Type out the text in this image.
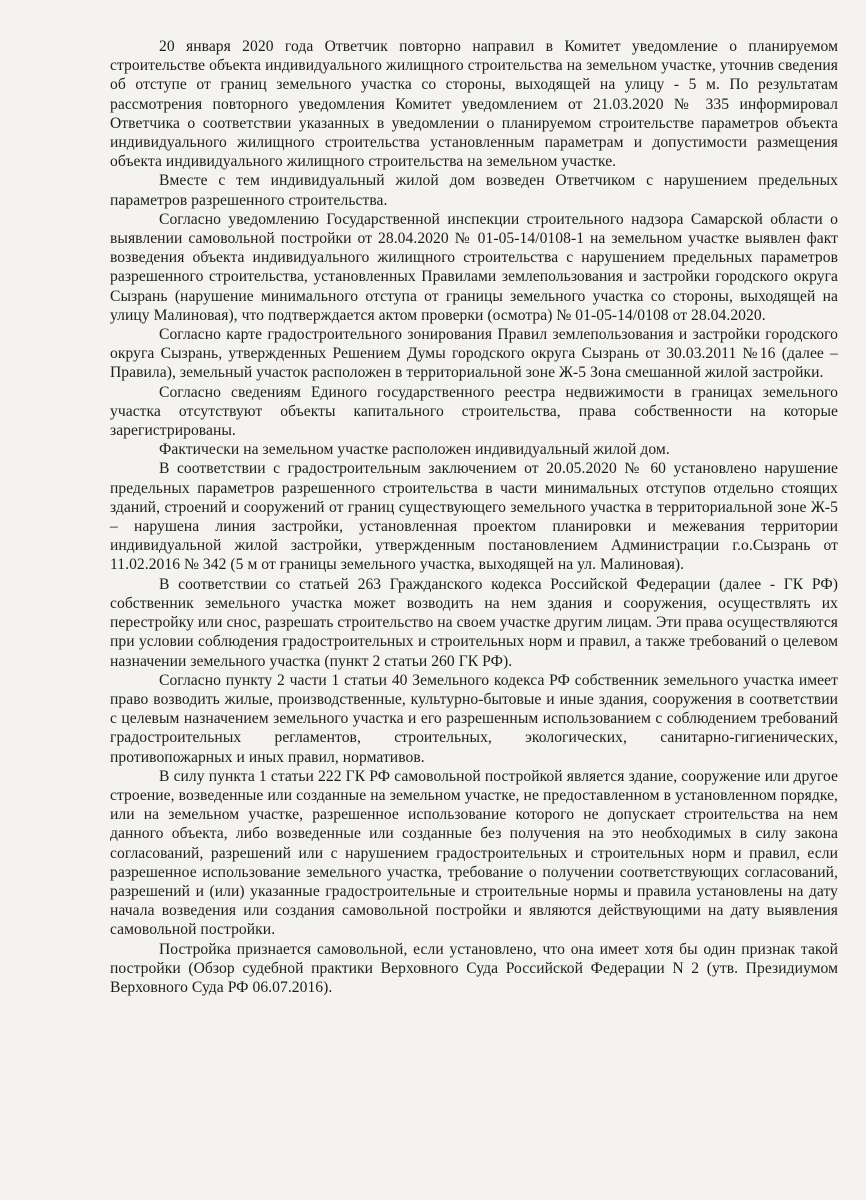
20 января 2020 года Ответчик повторно направил в Комитет уведомление о планируемом строительстве объекта индивидуального жилищного строительства на земельном участке, уточнив сведения об отступе от границ земельного участка со стороны, выходящей на улицу - 5 м. По результатам рассмотрения повторного уведомления Комитет уведомлением от 21.03.2020 № 335 информировал Ответчика о соответствии указанных в уведомлении о планируемом строительстве параметров объекта индивидуального жилищного строительства установленным параметрам и допустимости размещения объекта индивидуального жилищного строительства на земельном участке.

Вместе с тем индивидуальный жилой дом возведен Ответчиком с нарушением предельных параметров разрешенного строительства.

Согласно уведомлению Государственной инспекции строительного надзора Самарской области о выявлении самовольной постройки от 28.04.2020 № 01-05-14/0108-1 на земельном участке выявлен факт возведения объекта индивидуального жилищного строительства с нарушением предельных параметров разрешенного строительства, установленных Правилами землепользования и застройки городского округа Сызрань (нарушение минимального отступа от границы земельного участка со стороны, выходящей на улицу Малиновая), что подтверждается актом проверки (осмотра) № 01-05-14/0108 от 28.04.2020.

Согласно карте градостроительного зонирования Правил землепользования и застройки городского округа Сызрань, утвержденных Решением Думы городского округа Сызрань от 30.03.2011 №16 (далее – Правила), земельный участок расположен в территориальной зоне Ж-5 Зона смешанной жилой застройки.

Согласно сведениям Единого государственного реестра недвижимости в границах земельного участка отсутствуют объекты капитального строительства, права собственности на которые зарегистрированы.

Фактически на земельном участке расположен индивидуальный жилой дом.

В соответствии с градостроительным заключением от 20.05.2020 № 60 установлено нарушение предельных параметров разрешенного строительства в части минимальных отступов отдельно стоящих зданий, строений и сооружений от границ существующего земельного участка в территориальной зоне Ж-5 – нарушена линия застройки, установленная проектом планировки и межевания территории индивидуальной жилой застройки, утвержденным постановлением Администрации г.о.Сызрань от 11.02.2016 № 342 (5 м от границы земельного участка, выходящей на ул. Малиновая).

В соответствии со статьей 263 Гражданского кодекса Российской Федерации (далее - ГК РФ) собственник земельного участка может возводить на нем здания и сооружения, осуществлять их перестройку или снос, разрешать строительство на своем участке другим лицам. Эти права осуществляются при условии соблюдения градостроительных и строительных норм и правил, а также требований о целевом назначении земельного участка (пункт 2 статьи 260 ГК РФ).

Согласно пункту 2 части 1 статьи 40 Земельного кодекса РФ собственник земельного участка имеет право возводить жилые, производственные, культурно-бытовые и иные здания, сооружения в соответствии с целевым назначением земельного участка и его разрешенным использованием с соблюдением требований градостроительных регламентов, строительных, экологических, санитарно-гигиенических, противопожарных и иных правил, нормативов.

В силу пункта 1 статьи 222 ГК РФ самовольной постройкой является здание, сооружение или другое строение, возведенные или созданные на земельном участке, не предоставленном в установленном порядке, или на земельном участке, разрешенное использование которого не допускает строительства на нем данного объекта, либо возведенные или созданные без получения на это необходимых в силу закона согласований, разрешений или с нарушением градостроительных и строительных норм и правил, если разрешенное использование земельного участка, требование о получении соответствующих согласований, разрешений и (или) указанные градостроительные и строительные нормы и правила установлены на дату начала возведения или создания самовольной постройки и являются действующими на дату выявления самовольной постройки.

Постройка признается самовольной, если установлено, что она имеет хотя бы один признак такой постройки (Обзор судебной практики Верховного Суда Российской Федерации N 2 (утв. Президиумом Верховного Суда РФ 06.07.2016).
